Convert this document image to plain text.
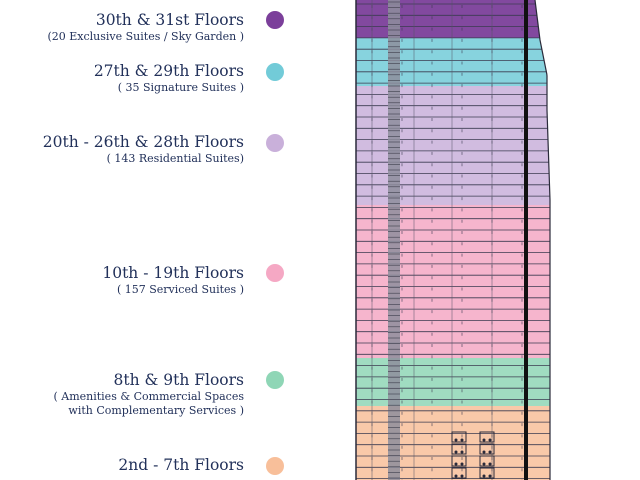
30th & 31st Floors
(20 Exclusive Suites / Sky Garden )
27th & 29th Floors
( 35 Signature Suites )
20th - 26th & 28th Floors
( 143 Residential Suites)
10th - 19th Floors
( 157 Serviced Suites )
8th & 9th Floors
( Amenities & Commercial Spaces
with Complementary Services )
2nd - 7th Floors
